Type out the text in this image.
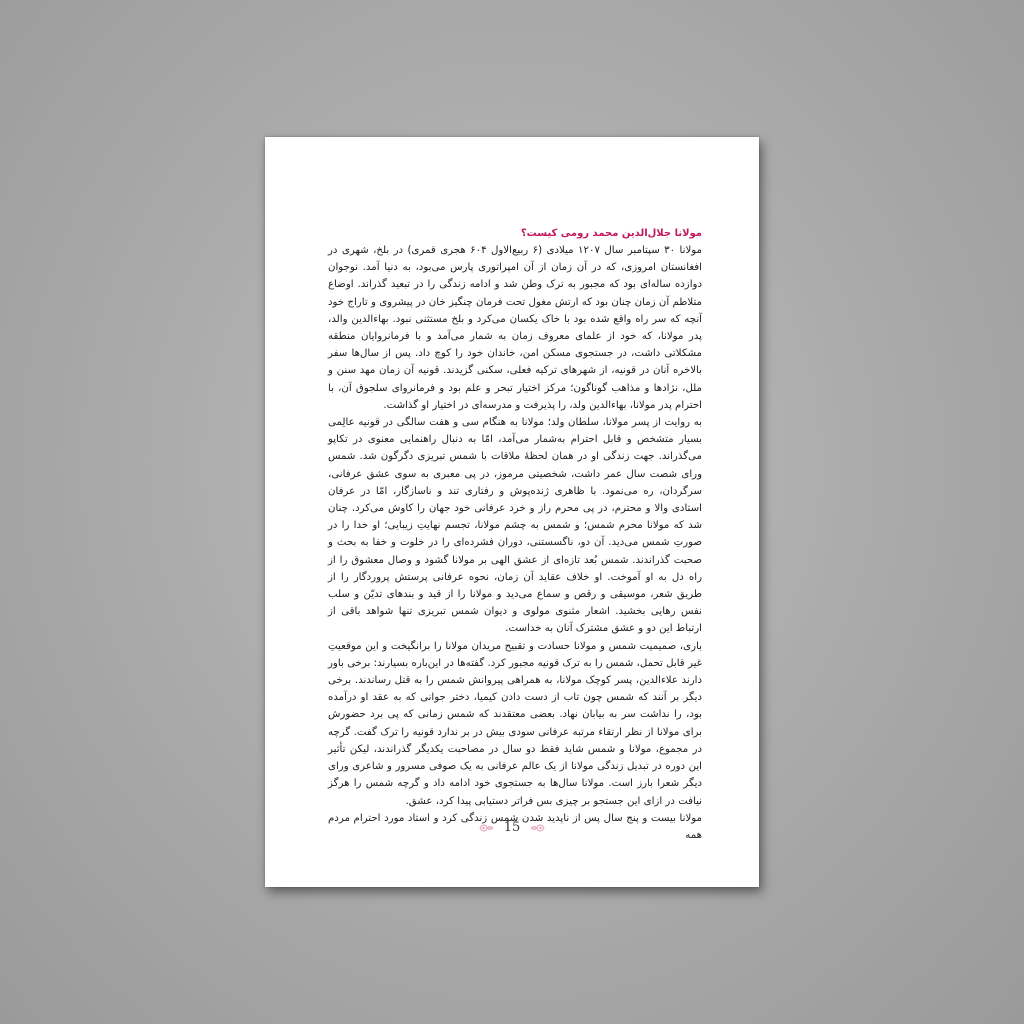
مولانا جلال‌الدین محمد رومی کیست؟

مولانا ۳۰ سپتامبر سال ۱۲۰۷ میلادی (۶ ربیع‌الاول ۶۰۴ هجری قمری) در بلخ، شهری در افغانستان امروزی، که در آن زمان از آن امپراتوری پارس می‌بود، به دنیا آمد. نوجوان دوازده ساله‌ای بود که مجبور به ترک وطن شد و ادامه زندگی را در تبعید گذراند. اوضاع متلاطم آن زمان چنان بود که ارتش مغول تحت فرمان چنگیز خان در پیشروی و تاراج خود آنچه که سر راه واقع شده بود با خاک یکسان می‌کرد و بلخ مستثنی نبود. بهاءالدین والد، پدر مولانا، که خود از علمای معروف زمان به شمار می‌آمد و با فرمانروایان منطقه مشکلاتی داشت، در جستجوی مسکن امن، خاندان خود را کوچ داد. پس از سال‌ها سفر بالاخره آنان در قونیه، از شهرهای ترکیه فعلی، سکنی گزیدند. قونیه آن زمان مهد سنن و ملل، نژادها و مذاهب گوناگون؛ مرکز اختیار تبحر و علم بود و فرمانروای سلجوق آن، با احترام پدر مولانا، بهاءالدین ولد، را پذیرفت و مدرسه‌ای در اختیار او گذاشت.

به روایت از پسر مولانا، سلطان ولد؛ مولانا به هنگام سی و هفت سالگی در قونیه عالِمی بسیار متشخص و قابل احترام به‌شمار می‌آمد، امّا به دنبال راهنمایی معنوی در تکاپو می‌گذراند. جهت زندگی او در همان لحظهٔ ملاقات با شمس تبریزی دگرگون شد. شمس ورای شصت سال عمر داشت، شخصیتی مرموز، در پی معبری به سوی عشق عرفانی، سرگردان، ره می‌نمود. با ظاهری ژنده‌پوش و رفتاری تند و ناسازگار، امّا در عرفان استادی والا و محترم، در پی محرم راز و خرد عرفانی خود جهان را کاوش می‌کرد. چنان شد که مولانا محرم شمس؛ و شمس به چشم مولانا، تجسم نهایتِ زیبایی؛ او خدا را در صورتِ شمس می‌دید. آن دو، ناگسستنی، دوران فشرده‌ای را در خلوت و خفا به بحث و صحبت گذراندند. شمس بُعد تازه‌ای از عشق الهی بر مولانا گشود و وصال معشوق را از راه دل به او آموخت. او خلاف عقاید آن زمان، نحوه عرفانی پرستش پروردگار را از طریق شعر، موسیقی و رقص و سماع می‌دید و مولانا را از قید و بندهای تدیّن و سلب نفس رهایی بخشید. اشعار مثنوی مولوی و دیوان شمس تبریزی تنها شواهد باقی از ارتباط این دو و عشق مشترک آنان به خداست.

باری، صمیمیت شمس و مولانا حسادت و تقبیح مریدان مولانا را برانگیخت و این موقعیتِ غیر قابل تحمل، شمس را به ترک قونیه مجبور کرد. گفته‌ها در این‌باره بسیارند: برخی باور دارند علاءالدین، پسر کوچک مولانا، به همراهی پیروانش شمس را به قتل رساندند. برخی دیگر بر آنند که شمس چون تاب از دست دادن کیمیا، دختر جوانی که به عقد او درآمده بود، را نداشت سر به بیابان نهاد. بعضی معتقدند که شمس زمانی که پی برد حضورش برای مولانا از نظر ارتقاء مرتبه عرفانی سودی بیش در بر ندارد قونیه را ترک گفت. گرچه در مجموع، مولانا و شمس شاید فقط دو سال در مصاحبت یکدیگر گذراندند، لیکن تأثیر این دوره در تبدیل زندگی مولانا از یک عالم عرفانی به یک صوفی مسرور و شاعری ورای دیگر شعرا بارز است. مولانا سال‌ها به جستجوی خود ادامه داد و گرچه شمس را هرگز نیافت در ازای این جستجو بر چیزی بس فراتر دستیابی پیدا کرد، عشق.

مولانا بیست و پنج سال پس از ناپدید شدن شمس زندگی کرد و استاد مورد احترام مردم همه

15
